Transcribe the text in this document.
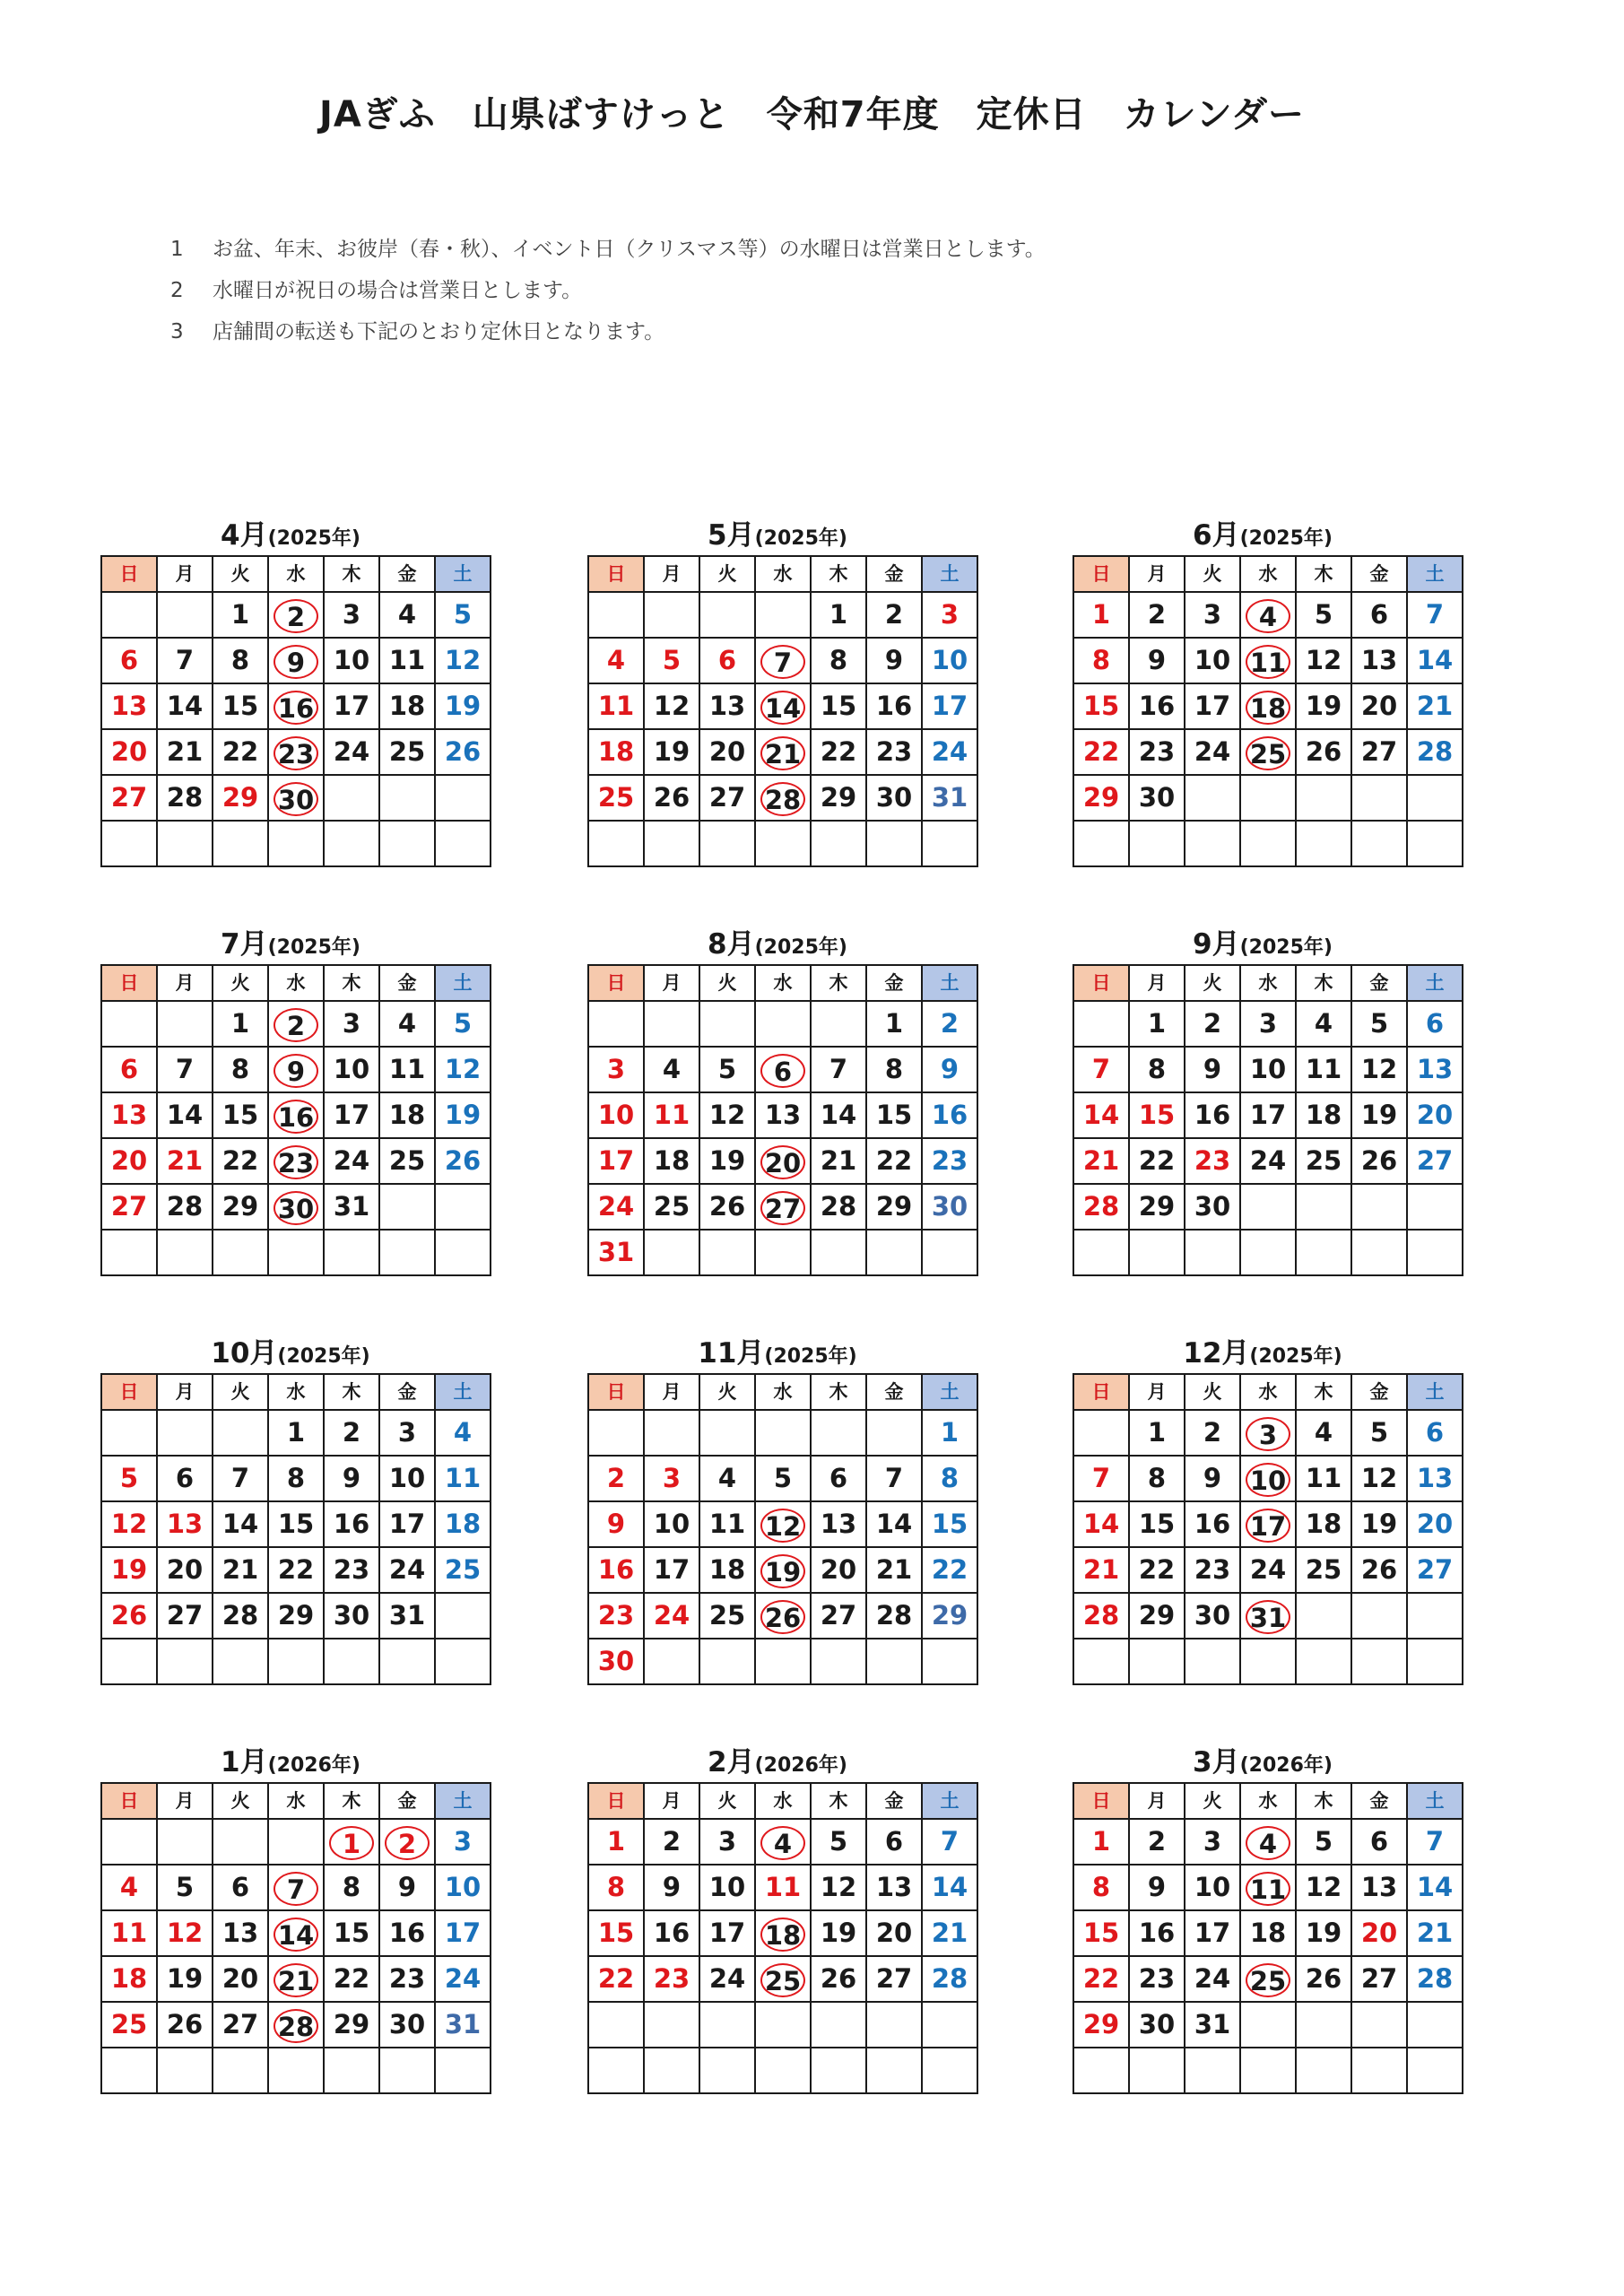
JAぎふ　山県ばすけっと　令和7年度　定休日　カレンダー
1 お盆、年末、お彼岸（春・秋）、イベント日（クリスマス等）の水曜日は営業日とします。
2 水曜日が祝日の場合は営業日とします。
3 店舗間の転送も下記のとおり定休日となります。
4月(2025年)
日	月	火	水	木	金	土
		1	2	3	4	5
6	7	8	9	10	11	12
13	14	15	16	17	18	19
20	21	22	23	24	25	26
27	28	29	30			

5月(2025年)
日	月	火	水	木	金	土
				1	2	3
4	5	6	7	8	9	10
11	12	13	14	15	16	17
18	19	20	21	22	23	24
25	26	27	28	29	30	31

6月(2025年)
日	月	火	水	木	金	土
1	2	3	4	5	6	7
8	9	10	11	12	13	14
15	16	17	18	19	20	21
22	23	24	25	26	27	28
29	30					

7月(2025年)
日	月	火	水	木	金	土
		1	2	3	4	5
6	7	8	9	10	11	12
13	14	15	16	17	18	19
20	21	22	23	24	25	26
27	28	29	30	31		

8月(2025年)
日	月	火	水	木	金	土
					1	2
3	4	5	6	7	8	9
10	11	12	13	14	15	16
17	18	19	20	21	22	23
24	25	26	27	28	29	30
31						
9月(2025年)
日	月	火	水	木	金	土
	1	2	3	4	5	6
7	8	9	10	11	12	13
14	15	16	17	18	19	20
21	22	23	24	25	26	27
28	29	30				

10月(2025年)
日	月	火	水	木	金	土
			1	2	3	4
5	6	7	8	9	10	11
12	13	14	15	16	17	18
19	20	21	22	23	24	25
26	27	28	29	30	31	

11月(2025年)
日	月	火	水	木	金	土
						1
2	3	4	5	6	7	8
9	10	11	12	13	14	15
16	17	18	19	20	21	22
23	24	25	26	27	28	29
30						
12月(2025年)
日	月	火	水	木	金	土
	1	2	3	4	5	6
7	8	9	10	11	12	13
14	15	16	17	18	19	20
21	22	23	24	25	26	27
28	29	30	31			

1月(2026年)
日	月	火	水	木	金	土
				1	2	3
4	5	6	7	8	9	10
11	12	13	14	15	16	17
18	19	20	21	22	23	24
25	26	27	28	29	30	31

2月(2026年)
日	月	火	水	木	金	土
1	2	3	4	5	6	7
8	9	10	11	12	13	14
15	16	17	18	19	20	21
22	23	24	25	26	27	28

3月(2026年)
日	月	火	水	木	金	土
1	2	3	4	5	6	7
8	9	10	11	12	13	14
15	16	17	18	19	20	21
22	23	24	25	26	27	28
29	30	31				
